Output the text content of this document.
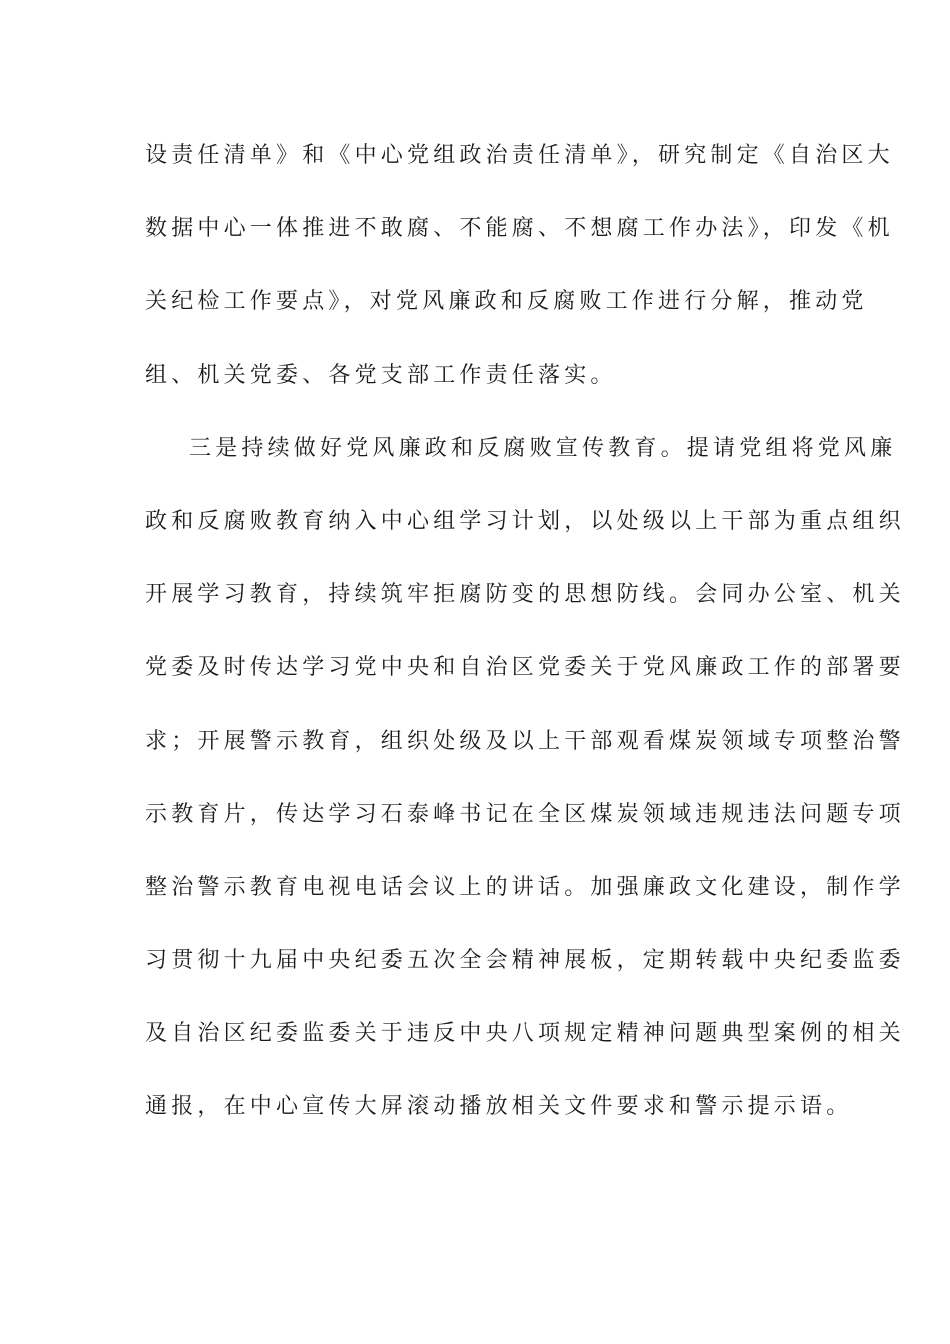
设责任清单》和《中心党组政治责任清单》，研究制定《自治区大
数据中心一体推进不敢腐、不能腐、不想腐工作办法》，印发《机
关纪检工作要点》，对党风廉政和反腐败工作进行分解，推动党
组、机关党委、各党支部工作责任落实。
三是持续做好党风廉政和反腐败宣传教育。提请党组将党风廉
政和反腐败教育纳入中心组学习计划，以处级以上干部为重点组织
开展学习教育，持续筑牢拒腐防变的思想防线。会同办公室、机关
党委及时传达学习党中央和自治区党委关于党风廉政工作的部署要
求；开展警示教育，组织处级及以上干部观看煤炭领域专项整治警
示教育片，传达学习石泰峰书记在全区煤炭领域违规违法问题专项
整治警示教育电视电话会议上的讲话。加强廉政文化建设，制作学
习贯彻十九届中央纪委五次全会精神展板，定期转载中央纪委监委
及自治区纪委监委关于违反中央八项规定精神问题典型案例的相关
通报，在中心宣传大屏滚动播放相关文件要求和警示提示语。
